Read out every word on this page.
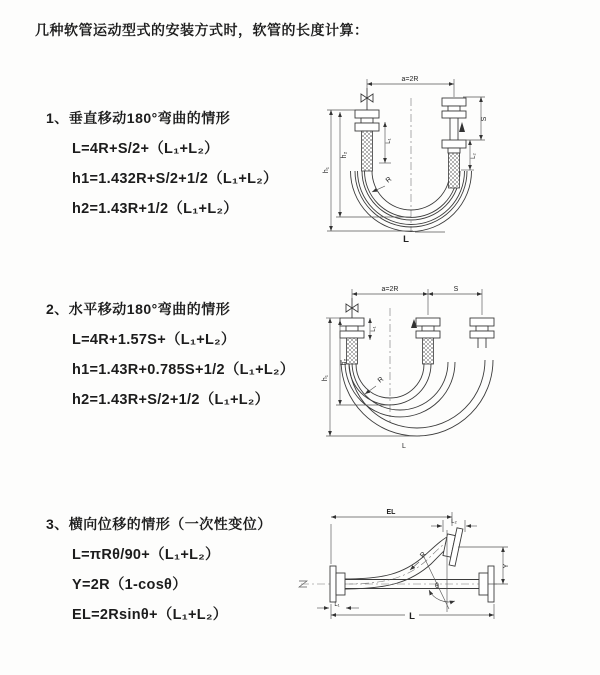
几种软管运动型式的安装方式时，软管的长度计算：
1、垂直移动180°弯曲的情形
L=4R+S/2+（L₁+L₂）
h1=1.432R+S/2+1/2（L₁+L₂）
h2=1.43R+1/2（L₁+L₂）
2、水平移动180°弯曲的情形
L=4R+1.57S+（L₁+L₂）
h1=1.43R+0.785S+1/2（L₁+L₂）
h2=1.43R+S/2+1/2（L₁+L₂）
3、横向位移的情形（一次性变位）
L=πRθ/90+（L₁+L₂）
Y=2R（1-cosθ）
EL=2Rsinθ+（L₁+L₂）
a=2R
h₁
h₂
S
L₂
L₁
R
L
a=2R	S
h₁
h₂
L₁
R
L
EL
L₂
Y
θ
R
L
L₁
